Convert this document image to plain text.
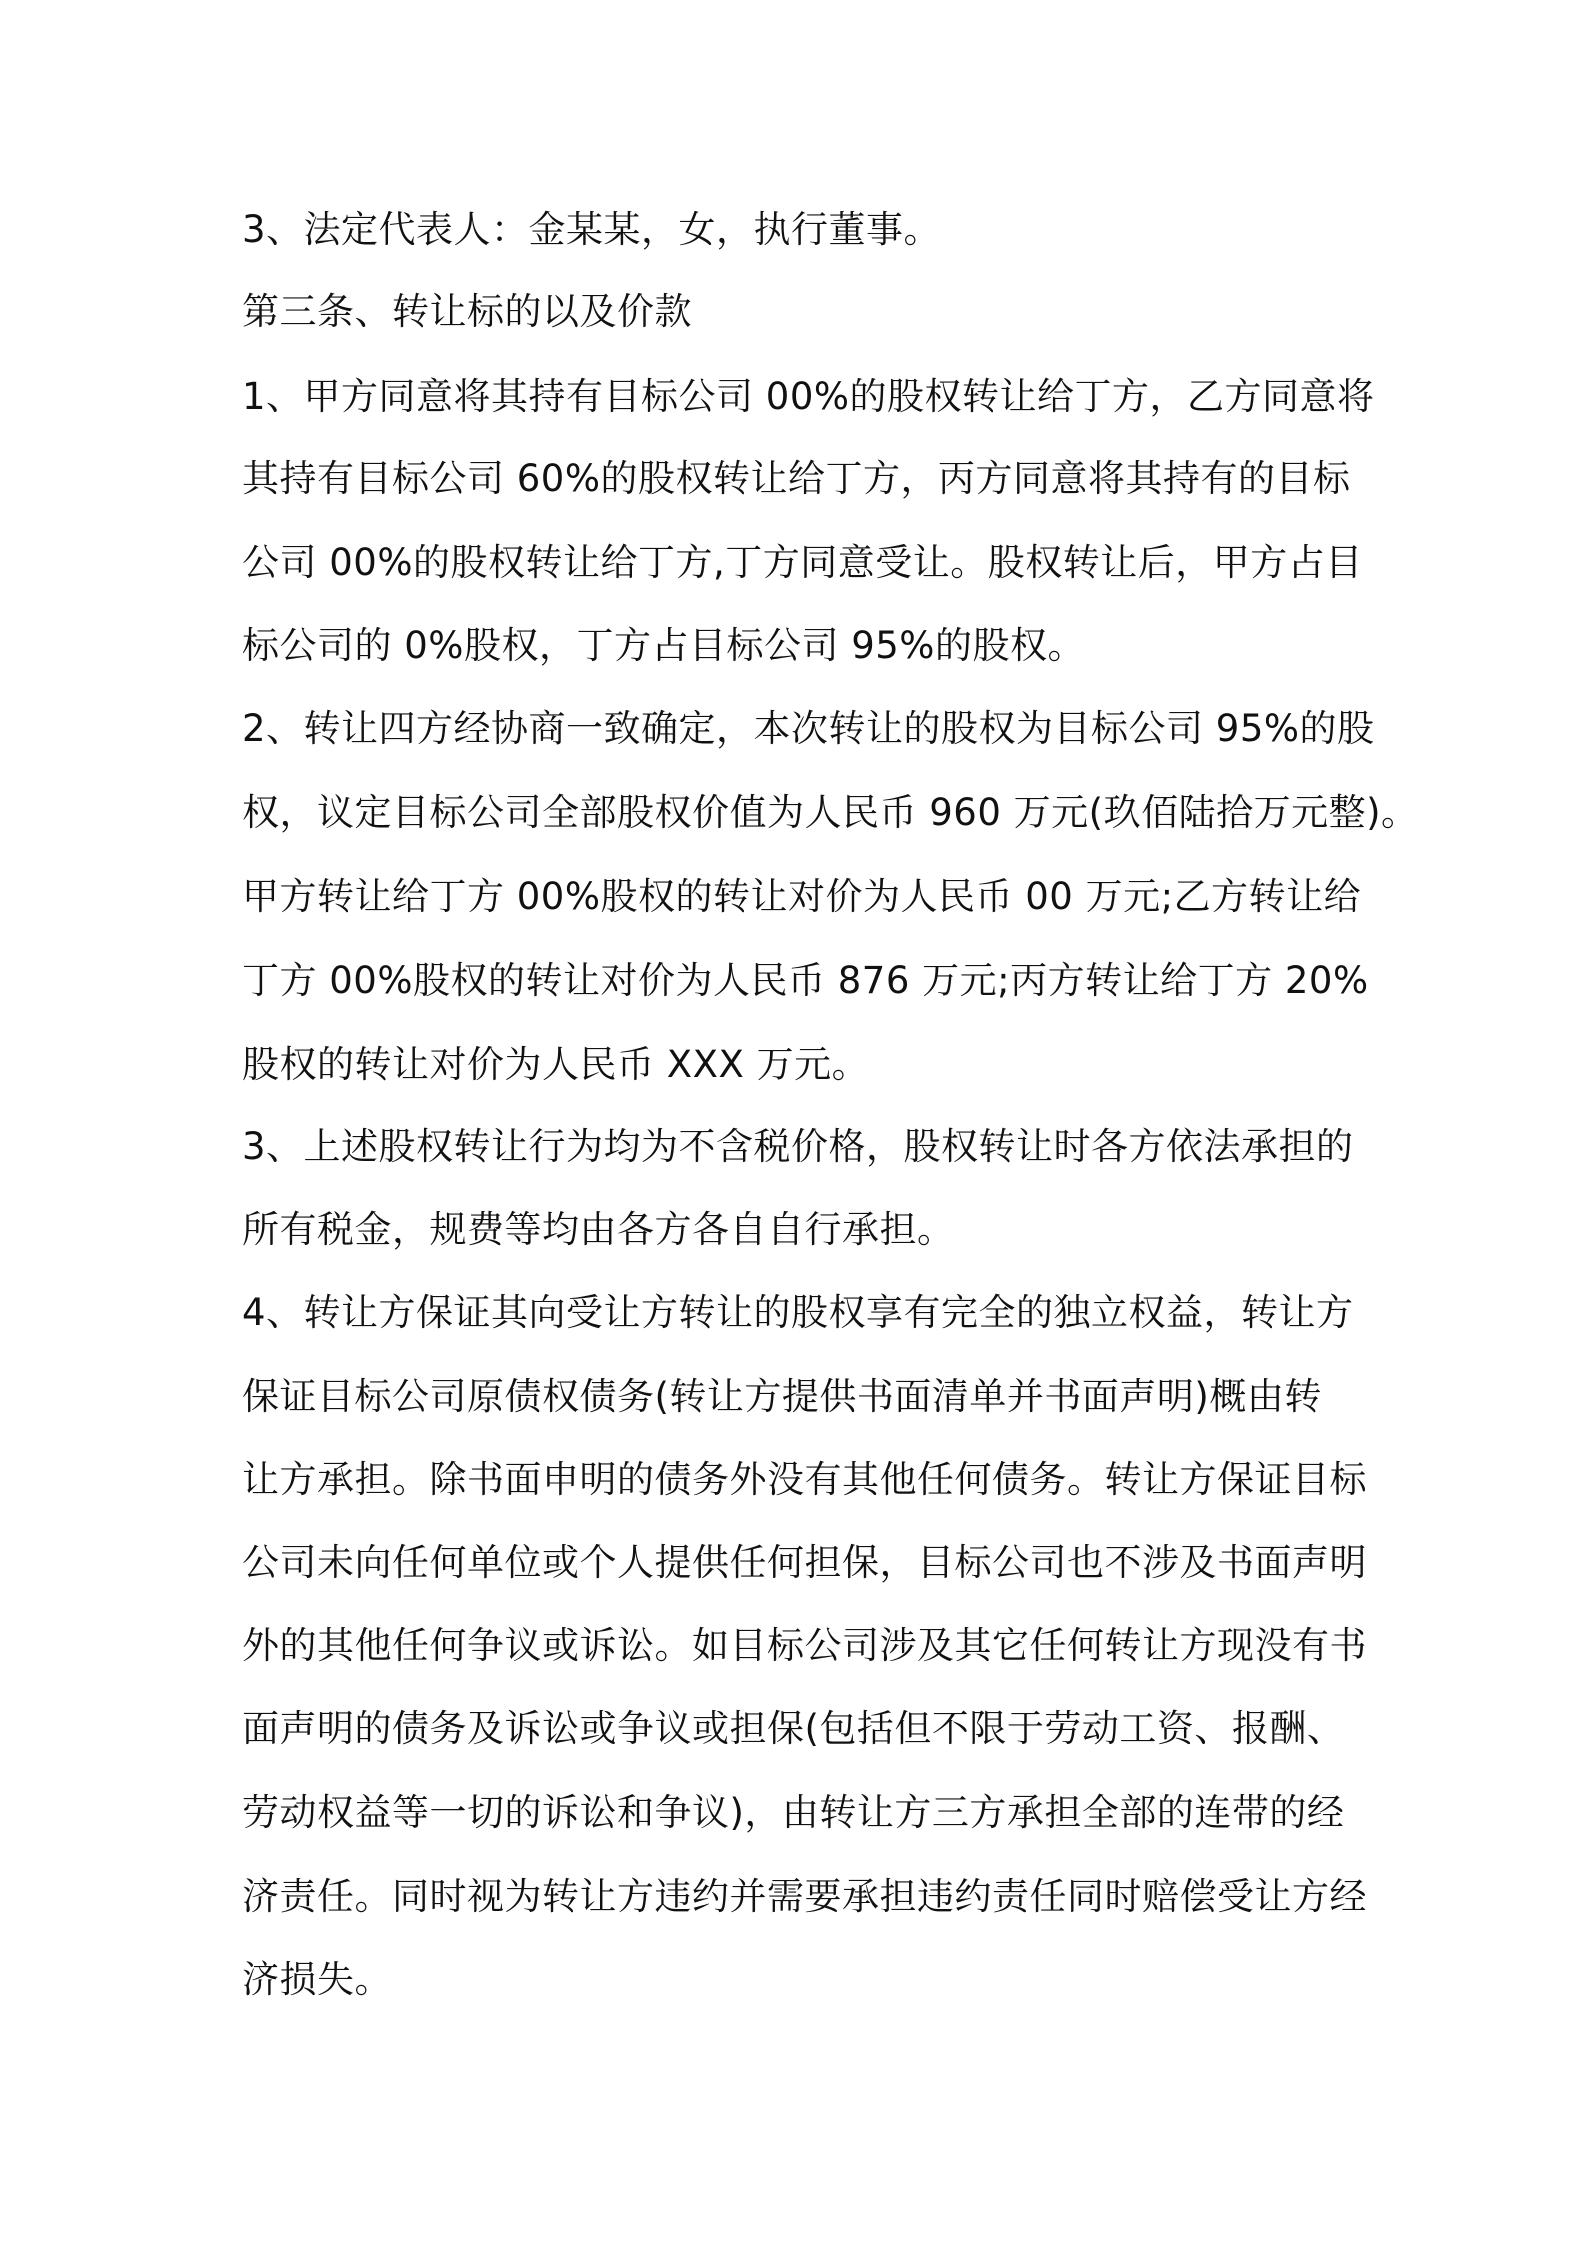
3、法定代表人：金某某，女，执行董事。
第三条、转让标的以及价款
1、甲方同意将其持有目标公司 00%的股权转让给丁方，乙方同意将
其持有目标公司 60%的股权转让给丁方，丙方同意将其持有的目标
公司 00%的股权转让给丁方,丁方同意受让。股权转让后，甲方占目
标公司的 0%股权，丁方占目标公司 95%的股权。
2、转让四方经协商一致确定，本次转让的股权为目标公司 95%的股
权，议定目标公司全部股权价值为人民币 960 万元(玖佰陆拾万元整)。
甲方转让给丁方 00%股权的转让对价为人民币 00 万元;乙方转让给
丁方 00%股权的转让对价为人民币 876 万元;丙方转让给丁方 20%
股权的转让对价为人民币 XXX 万元。
3、上述股权转让行为均为不含税价格，股权转让时各方依法承担的
所有税金，规费等均由各方各自自行承担。
4、转让方保证其向受让方转让的股权享有完全的独立权益，转让方
保证目标公司原债权债务(转让方提供书面清单并书面声明)概由转
让方承担。除书面申明的债务外没有其他任何债务。转让方保证目标
公司未向任何单位或个人提供任何担保，目标公司也不涉及书面声明
外的其他任何争议或诉讼。如目标公司涉及其它任何转让方现没有书
面声明的债务及诉讼或争议或担保(包括但不限于劳动工资、报酬、
劳动权益等一切的诉讼和争议)，由转让方三方承担全部的连带的经
济责任。同时视为转让方违约并需要承担违约责任同时赔偿受让方经
济损失。
